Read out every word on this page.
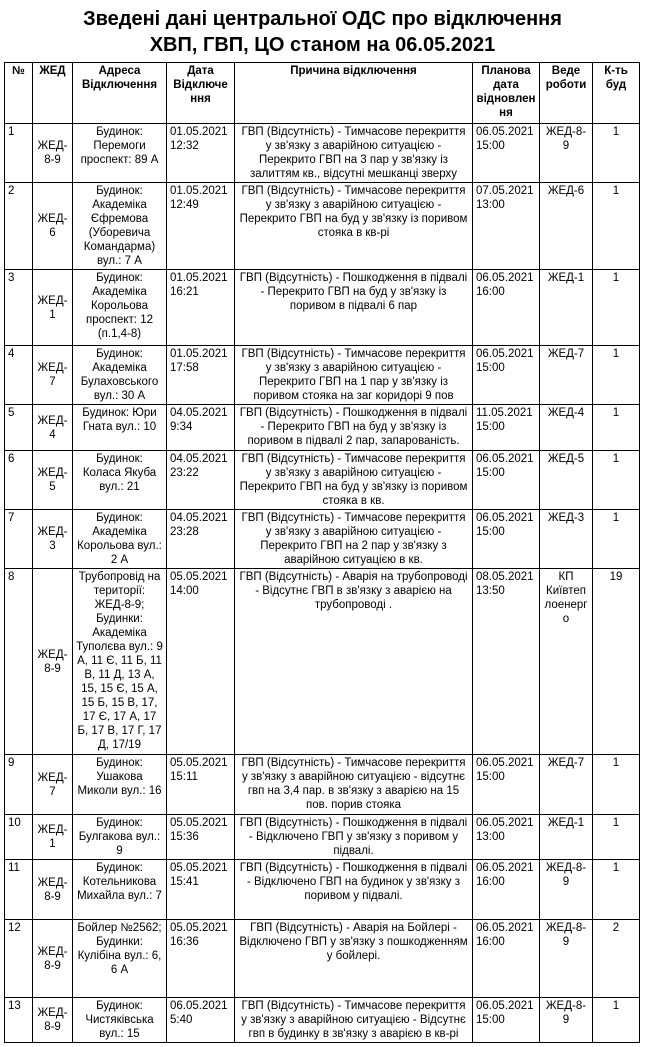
Зведені дані центральної ОДС про відключення
ХВП, ГВП, ЦО станом на 06.05.2021
№	ЖЕД	Адреса Відключення	Дата Відключення	Причина відключення	Планова дата відновлення	Веде роботи	К-ть буд
1	ЖЕД-8-9	Будинок: Перемоги проспект: 89 А	01.05.2021 12:32	ГВП (Відсутність) - Тимчасове перекриття у зв'язку з аварійною ситуацією - Перекрито ГВП на 3 пар у зв'язку із залиттям кв., відсутні мешканці зверху	06.05.2021 15:00	ЖЕД-8-9	1
2	ЖЕД-6	Будинок: Академіка Єфремова (Уборевича Командарма) вул.: 7 А	01.05.2021 12:49	ГВП (Відсутність) - Тимчасове перекриття у зв'язку з аварійною ситуацією - Перекрито ГВП на буд у зв'язку із поривом стояка в кв-рі	07.05.2021 13:00	ЖЕД-6	1
3	ЖЕД-1	Будинок: Академіка Корольова проспект: 12 (п.1,4-8)	01.05.2021 16:21	ГВП (Відсутність) - Пошкодження в підвалі - Перекрито ГВП на буд у зв'язку із поривом в підвалі 6 пар	06.05.2021 16:00	ЖЕД-1	1
4	ЖЕД-7	Будинок: Академіка Булаховського вул.: 30 А	01.05.2021 17:58	ГВП (Відсутність) - Тимчасове перекриття у зв'язку з аварійною ситуацією - Перекрито ГВП на 1 пар у зв'язку із поривом стояка на заг коридорі 9 пов	06.05.2021 15:00	ЖЕД-7	1
5	ЖЕД-4	Будинок: Юри Гната вул.: 10	04.05.2021 9:34	ГВП (Відсутність) - Пошкодження в підвалі - Перекрито ГВП на буд у зв'язку із поривом в підвалі 2 пар, запарованість.	11.05.2021 15:00	ЖЕД-4	1
6	ЖЕД-5	Будинок: Коласа Якуба вул.: 21	04.05.2021 23:22	ГВП (Відсутність) - Тимчасове перекриття у зв'язку з аварійною ситуацією - Перекрито ГВП на буд у зв'язку із поривом стояка в кв.	06.05.2021 15:00	ЖЕД-5	1
7	ЖЕД-3	Будинок: Академіка Корольова вул.: 2 А	04.05.2021 23:28	ГВП (Відсутність) - Тимчасове перекриття у зв'язку з аварійною ситуацією - Перекрито ГВП на 2 пар у зв'язку з аварійною ситуацією в кв.	06.05.2021 15:00	ЖЕД-3	1
8	ЖЕД-8-9	Трубопровід на території: ЖЕД-8-9; Будинки: Академіка Туполєва вул.: 9 А, 11 Є, 11 Б, 11 В, 11 Д, 13 А, 15, 15 Є, 15 А, 15 Б, 15 В, 17, 17 Є, 17 А, 17 Б, 17 В, 17 Г, 17 Д, 17/19	05.05.2021 14:00	ГВП (Відсутність) - Аварія на трубопроводі - Відсутнє ГВП в зв'язку з аварією на трубопроводі .	08.05.2021 13:50	КП Київтеплоенерго	19
9	ЖЕД-7	Будинок: Ушакова Миколи вул.: 16	05.05.2021 15:11	ГВП (Відсутність) - Тимчасове перекриття у зв'язку з аварійною ситуацією - відсутнє гвп на 3,4 пар. в зв'язку з аварією на 15 пов. порив стояка	06.05.2021 15:00	ЖЕД-7	1
10	ЖЕД-1	Будинок: Булгакова вул.: 9	05.05.2021 15:36	ГВП (Відсутність) - Пошкодження в підвалі - Відключено ГВП у зв'язку з поривом у підвалі.	06.05.2021 13:00	ЖЕД-1	1
11	ЖЕД-8-9	Будинок: Котельникова Михайла вул.: 7	05.05.2021 15:41	ГВП (Відсутність) - Пошкодження в підвалі - Відключено ГВП на будинок у зв'язку з поривом у підвалі.	06.05.2021 16:00	ЖЕД-8-9	1
12	ЖЕД-8-9	Бойлер №2562; Будинки: Кулібіна вул.: 6, 6 А	05.05.2021 16:36	ГВП (Відсутність) - Аварія на Бойлері - Відключено ГВП у зв'язку з пошкодженням у бойлері.	06.05.2021 16:00	ЖЕД-8-9	2
13	ЖЕД-8-9	Будинок: Чистяківська вул.: 15	06.05.2021 5:40	ГВП (Відсутність) - Тимчасове перекриття у зв'язку з аварійною ситуацією - Відсутнє гвп в будинку в зв'язку з аварією в кв-рі	06.05.2021 15:00	ЖЕД-8-9	1
